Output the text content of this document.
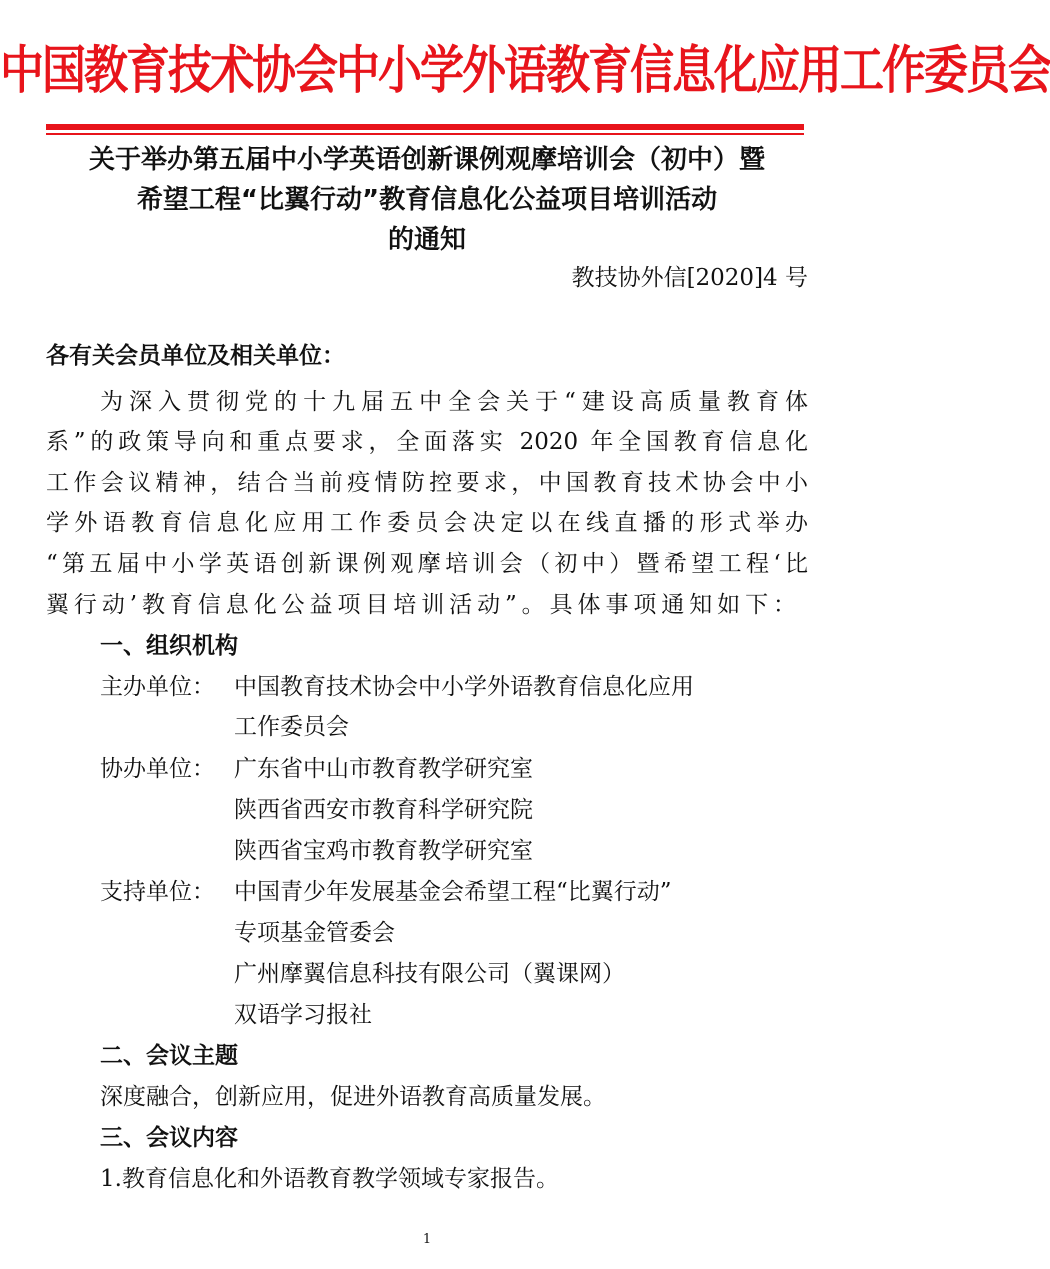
中国教育技术协会中小学外语教育信息化应用工作委员会
关于举办第五届中小学英语创新课例观摩培训会（初中）暨
希望工程“比翼行动”教育信息化公益项目培训活动
的通知
教技协外信[2020]4 号
各有关会员单位及相关单位：
为深入贯彻党的十九届五中全会关于“建设高质量教育体
系”的政策导向和重点要求，全面落实 2020 年全国教育信息化
工作会议精神，结合当前疫情防控要求，中国教育技术协会中小
学外语教育信息化应用工作委员会决定以在线直播的形式举办
“第五届中小学英语创新课例观摩培训会（初中）暨希望工程‘比
翼行动’教育信息化公益项目培训活动”。具体事项通知如下：
一、组织机构
主办单位： 中国教育技术协会中小学外语教育信息化应用
工作委员会
协办单位： 广东省中山市教育教学研究室
陕西省西安市教育科学研究院
陕西省宝鸡市教育教学研究室
支持单位： 中国青少年发展基金会希望工程“比翼行动”
专项基金管委会
广州摩翼信息科技有限公司（翼课网）
双语学习报社
二、会议主题
深度融合，创新应用，促进外语教育高质量发展。
三、会议内容
1.教育信息化和外语教育教学领域专家报告。
1
